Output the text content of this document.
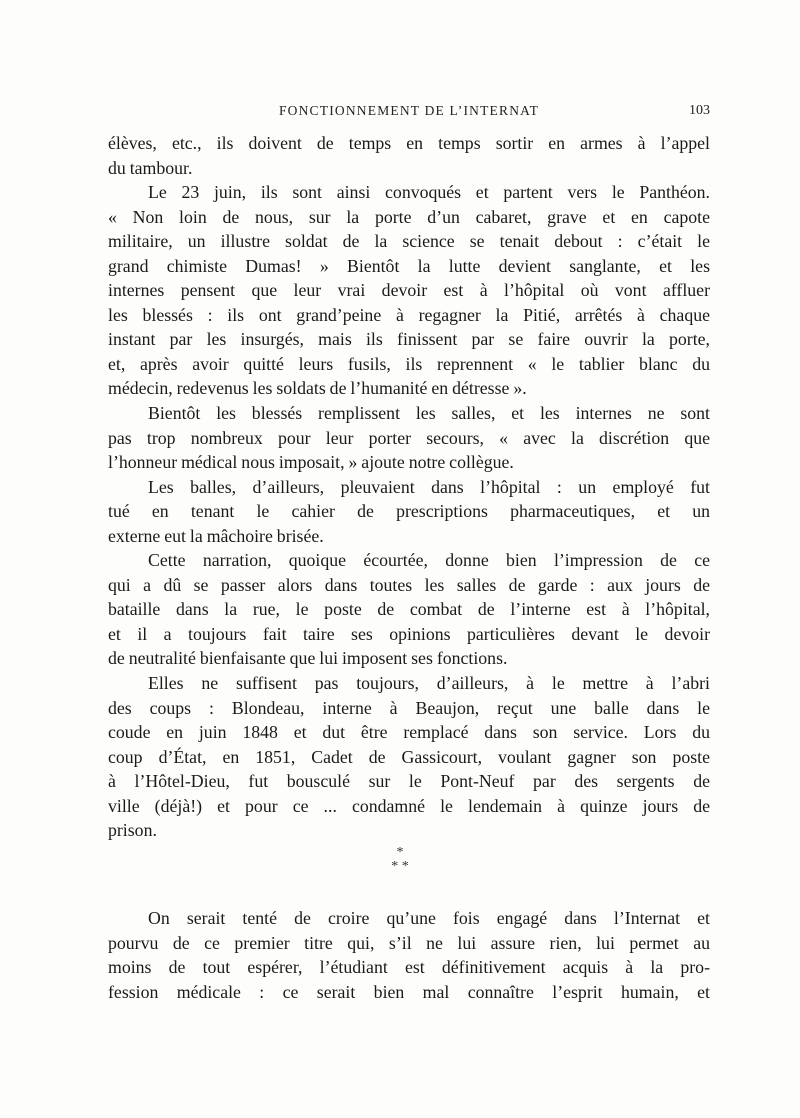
FONCTIONNEMENT DE L’INTERNAT	103
élèves, etc., ils doivent de temps en temps sortir en armes à l’appel
du tambour.
Le 23 juin, ils sont ainsi convoqués et partent vers le Panthéon.
« Non loin de nous, sur la porte d’un cabaret, grave et en capote
militaire, un illustre soldat de la science se tenait debout : c’était le
grand chimiste Dumas! » Bientôt la lutte devient sanglante, et les
internes pensent que leur vrai devoir est à l’hôpital où vont affluer
les blessés : ils ont grand’peine à regagner la Pitié, arrêtés à chaque
instant par les insurgés, mais ils finissent par se faire ouvrir la porte,
et, après avoir quitté leurs fusils, ils reprennent « le tablier blanc du
médecin, redevenus les soldats de l’humanité en détresse ».
Bientôt les blessés remplissent les salles, et les internes ne sont
pas trop nombreux pour leur porter secours, « avec la discrétion que
l’honneur médical nous imposait, » ajoute notre collègue.
Les balles, d’ailleurs, pleuvaient dans l’hôpital : un employé fut
tué en tenant le cahier de prescriptions pharmaceutiques, et un
externe eut la mâchoire brisée.
Cette narration, quoique écourtée, donne bien l’impression de ce
qui a dû se passer alors dans toutes les salles de garde : aux jours de
bataille dans la rue, le poste de combat de l’interne est à l’hôpital,
et il a toujours fait taire ses opinions particulières devant le devoir
de neutralité bienfaisante que lui imposent ses fonctions.
Elles ne suffisent pas toujours, d’ailleurs, à le mettre à l’abri
des coups : Blondeau, interne à Beaujon, reçut une balle dans le
coude en juin 1848 et dut être remplacé dans son service. Lors du
coup d’État, en 1851, Cadet de Gassicourt, voulant gagner son poste
à l’Hôtel-Dieu, fut bousculé sur le Pont-Neuf par des sergents de
ville (déjà!) et pour ce ... condamné le lendemain à quinze jours de
prison.
*
* *
On serait tenté de croire qu’une fois engagé dans l’Internat et
pourvu de ce premier titre qui, s’il ne lui assure rien, lui permet au
moins de tout espérer, l’étudiant est définitivement acquis à la pro-
fession médicale : ce serait bien mal connaître l’esprit humain, et
